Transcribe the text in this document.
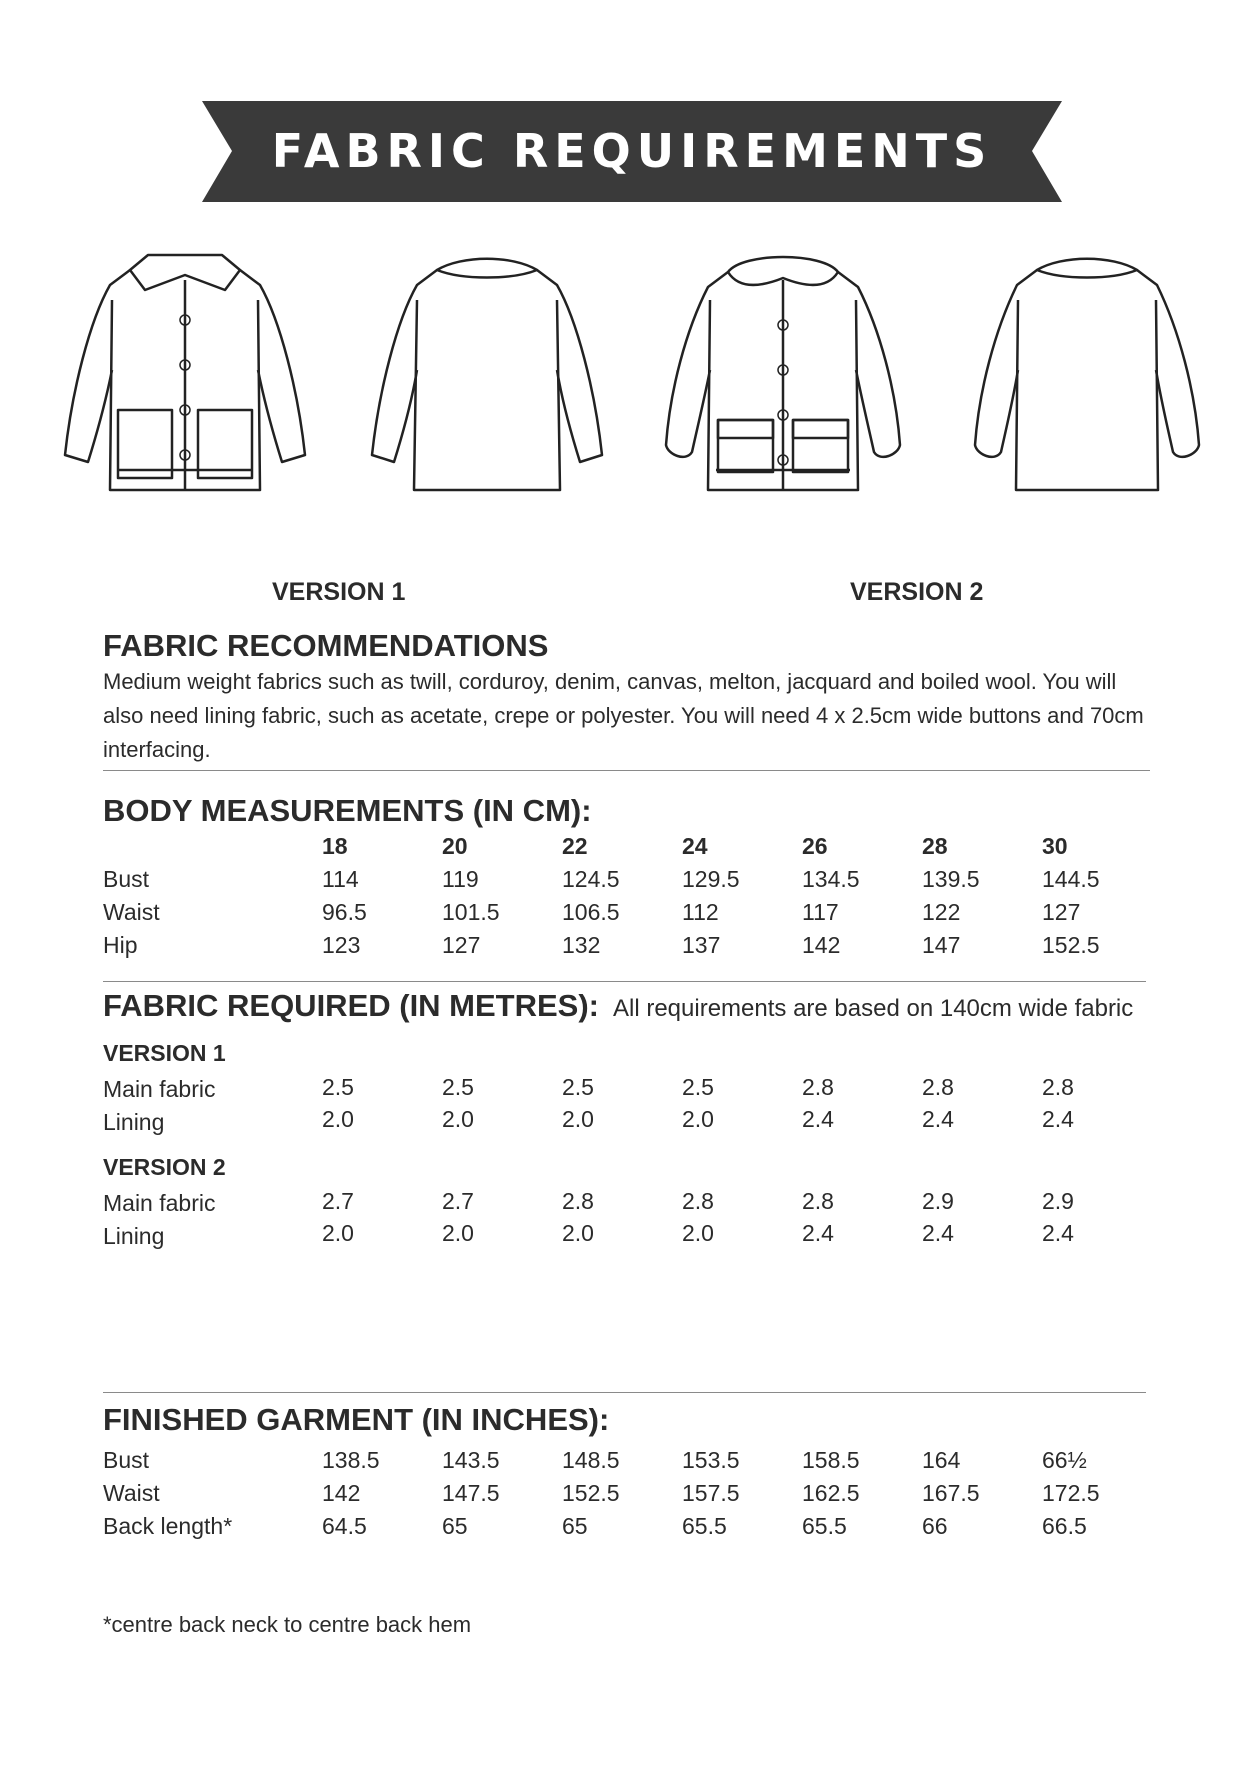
FABRIC REQUIREMENTS
VERSION 1	VERSION 2
FABRIC RECOMMENDATIONS
Medium weight fabrics such as twill, corduroy, denim, canvas, melton, jacquard and boiled wool. You will also need lining fabric, such as acetate, crepe or polyester. You will need 4 x 2.5cm wide buttons and 70cm interfacing.
BODY MEASUREMENTS (IN CM):
18	20	22	24	26	28	30
Bust	114	119	124.5	129.5	134.5	139.5	144.5
Waist	96.5	101.5	106.5	112	117	122	127
Hip	123	127	132	137	142	147	152.5
FABRIC REQUIRED (IN METRES): All requirements are based on 140cm wide fabric
VERSION 1
Main fabric	2.5	2.5	2.5	2.5	2.8	2.8	2.8
Lining	2.0	2.0	2.0	2.0	2.4	2.4	2.4
VERSION 2
Main fabric	2.7	2.7	2.8	2.8	2.8	2.9	2.9
Lining	2.0	2.0	2.0	2.0	2.4	2.4	2.4
FINISHED GARMENT (IN INCHES):
Bust	138.5	143.5	148.5	153.5	158.5	164	66½
Waist	142	147.5	152.5	157.5	162.5	167.5	172.5
Back length*	64.5	65	65	65.5	65.5	66	66.5
*centre back neck to centre back hem
